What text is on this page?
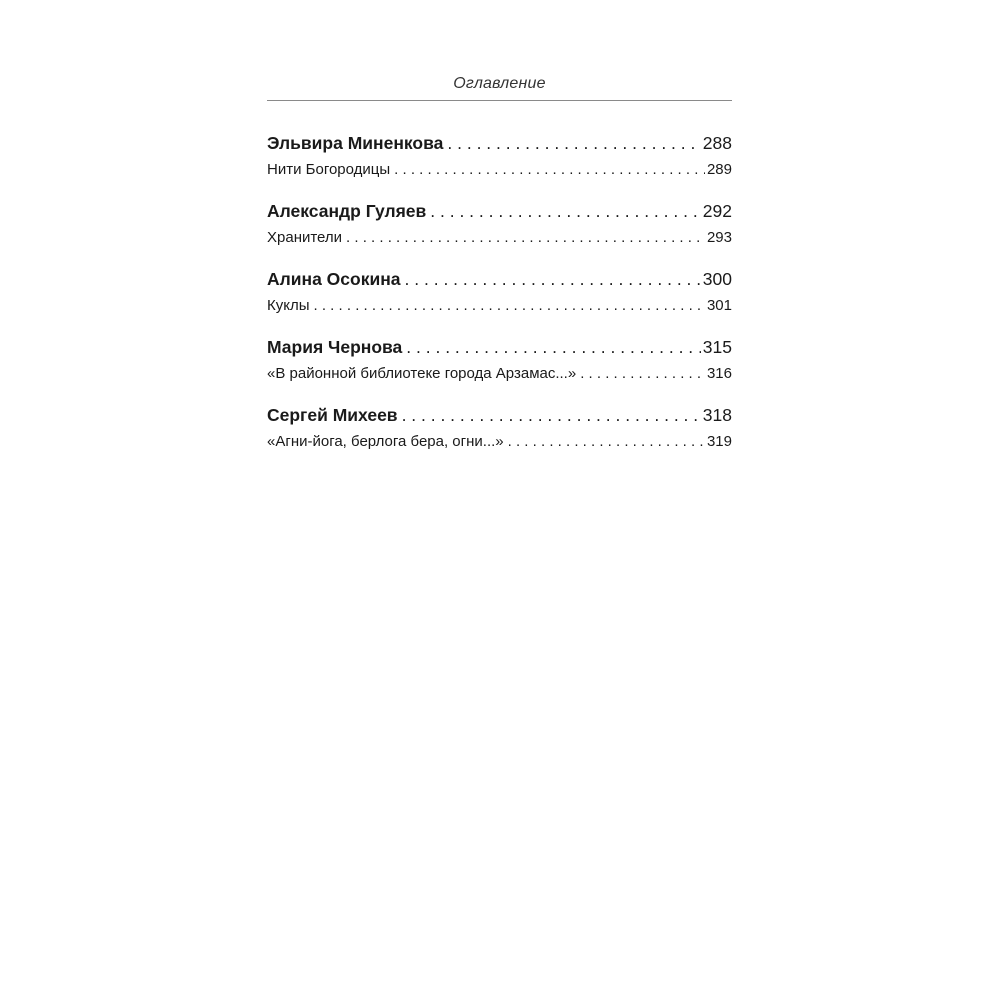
Оглавление
Эльвира Миненкова . . .	288
Нити Богородицы . . .	289
Александр Гуляев . . .	292
Хранители . . .	293
Алина Осокина . . .	300
Куклы . . .	301
Мария Чернова . . .	315
«В районной библиотеке города Арзамас...» . . .	316
Сергей Михеев . . .	318
«Агни-йога, берлога бера, огни...» . . .	319
